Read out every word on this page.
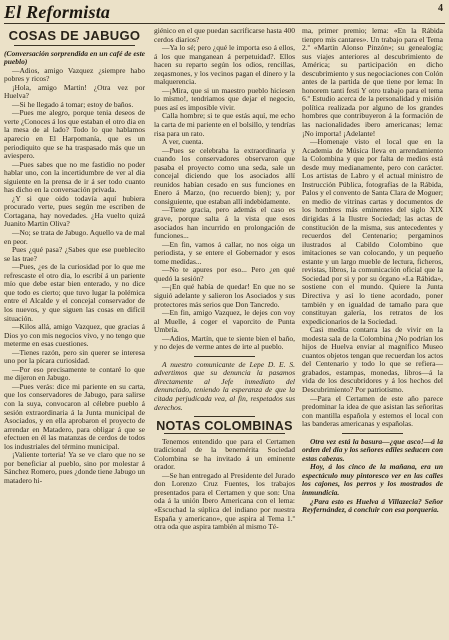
El Reformista	4
COSAS DE JABUGO

(Conversación sorprendida en un café de este pueblo)

—Adios, amigo Vazquez ¿siempre habo pobres y ricos?

¡Hola, amigo Martin! ¿Otra vez por Huelva?

—Si he llegado á tomar; estoy de baños.

—Pues me alegro, porque tenia deseos de verte ¿Conoces á los que estaban el otro dia en la mesa de al lado? Todo lo que hablamos aparecio en El Harpomanía, que es un periodiquito que se ha traspasado más que un aviespero.

—Pues sabes que no me fastidio no poder hablar uno, con la incertidumbre de ver al dia siguiente en la prensa de ir á ser todo cuanto has dicho en la conversación privada.

¿Y si que oido todavía aquí hubiera procurado verte, pues según me escriben de Cortagana, hay novedades. ¿Ha vuelto quizá Juanito Martin Oliva?

—No; se trata de Jabugo. Aquello va de mal en peor.

Pues ¿qué pasa? ¿Sabes que ese pueblecito se las trae?

—Pues, ¿es de la curiosidad por lo que me refrescaste el otro dia, lo escribí á un pariente mío que debe estar bien enterado, y no dice que todo es cierto; que tuvo lugar la polémica entre el Alcalde y el concejal conservador de los nuevos, y que siguen las cosas en difícil situación.

—Kilos allá, amigo Vazquez, que gracias á Dios yo con mis negocios vivo, y no tengo que meterme en esas cuestiones.

—Tienes razón, pero sin querer se interesa uno por la pícara curiosidad.

—Por eso precisamente te contaré lo que me dijeron en Jabugo.

—Pues verás: dice mi pariente en su carta, que los conservadores de Jabugo, para salirse con la suya, convocaron al célebre pueblo á sesión extraordinaria á la Junta municipal de Asociados, y en ella aprobaron el proyecto de arrendar en Matadero, para obligar á que se efectuen en él las matanzas de cerdos de todos los industriales del término municipal.

¡Valiente torteria! Ya se ve claro que no se por beneficiar al pueblo, sino por molestar á Sánchez Romero, pues ¿donde tiene Jabugo un matadero hi-

giénico en el que puedan sacrificarse hasta 400 cerdos diarios?

—Ya lo sé; pero ¿qué le importa eso á ellos, á los que manganean á perpetuidad?. Ellos hacen su reparto según los odios, rencillas, zeqasmones, y los vecinos pagan el dinero y la malquerencia.

—¡Mira, que si un maestro pueblo hiciesen lo mismo!, tendriamos que dejar el negocio, pues así es imposible vivir.

Calla hombre; si te que estás aquí, me echo la carta de mi pariente en el bolsillo, y tendrías risa para un rato.

A ver, cuenta.

—Pues se celebraba la extraordinaria y cuando los conservadores observaron que pasaba el proyecto como una seda, sale un concejal diciendo que los asociados allí reunidos habían cesado en sus funciones en Enero á Marzo, (no recuerdo bien); y, por consiguiente, que estaban allí indebidamente.

—Tiene gracia, pero además el caso es grave, porque salta á la vista que esos asociados han incurrido en prolongación de funciones...

—En fin, vamos á callar, no nos oiga un periodista, y se entere el Gobernador y esos tome medidas...

—No te apures por eso... Pero ¿en qué quedó la sesión?

—¡En qué había de quedar! En que no se siguió adelante y salieron los Asociados y sus protectores más serios que Don Tancredo.

—En fin, amigo Vazquez, le dejes con voy al Muelle, á coger el vaporcito de Punta Umbría.

—Adios, Martín, que te siente bien el baño, y no dejes de verme antes de irte al pueblo.

A nuestro comunicante de Lepe D. E. S. advertimos que su denuncia la pasamos directamente al Jefe inmediato del denunciado, teniendo la esperanza de que la citada perjudicada vea, al fin, respetados sus derechos.

NOTAS COLOMBINAS

Tenemos entendido que para el Certamen tradicional de la benemérita Sociedad Colombina se ha invitado á un eminente orador.

—Se han entregado al Presidente del Jurado don Lorenzo Cruz Fuentes, los trabajos presentados para el Certamen y que son: Una oda á la unión Ibero Americana con el lema: «Escuchad la súplica del indiano por nuestra España y americano», que aspira al Tema 1.º otra oda que aspira también al mismo Té-

ma, primer premio; lema: «En la Rábida tienpro mis cantares». Un trabajo para el Tema 2.º «Martín Alonso Pinzón»; su genealogía; sus viajes anteriores al descubrimiento de América; su participación en dicho descubrimiento y sus negociaciones con Colón antes de la partida de que tiene por lema: In honorem tanti festi Y otro trabajo para el tema 6.º Estudio acerca de la personalidad y misión política realizada por alguno de los grandes hombres que contribuyeron á la formación de las nacionalidades ibero americanas; lema: ¡No importa! ¡Adelante!

—Homenaje visto el local que en la Academia de Música lleva en arrendamiento la Colombina y que por falta de medios está desde muy medianamente, pero con carácter. Los artistas de Labro y el actual ministro de Instrucción Pública, fotografías de la Rábida, Palos y el convento de Santa Clara de Moguer; en medio de vitrinas cartas y documentos de los hombres más eminentes del siglo XIX dirigidas á la Ilustre Sociedad; las actas de constitución de la misma, sus antecedentes y recuerdos del Centenario; pergaminos ilustrados al Cabildo Colombino que imitaciones se van colocando, y un pequeño estante y un largo mueble de lectura, ficheros, revistas, libros, la comunicación oficial que la Sociedad por si y por su órgano «La Rábida», sostiene con el mundo. Quiere la Junta Directiva y así lo tiene acordado, poner también y en igualdad de tamaño para que constituyan galería, los retratos de los expedicionarios de la Sociedad.

Casi medita contarra las de vivir en la modesta sala de la Colombina ¿No podrían los hijos de Huelva enviar al magnífico Museo cuantos objetos tengan que recuerdan los actos del Centenario y todo lo que se refiera—grabados, estampas, monedas, libros—á la vida de los descubridores y á los hechos del Descubrimiento? Por patriotismo.

—Para el Certamen de este año parece predominar la idea de que asistan las señoritas con mantilla española y estemos el local con las banderas americanas y españolas.

Otra vez está la basura—¿que asco!—á la orden del dia y los señores ediles seducen con estas cabezas.

Hoy, á los cinco de la mañana, era un espectáculo muy pintoresco ver en las calles los cajones, los perros y los mostrados de inmundicia.

¿Para esto es Huelva á Villazecia? Señor Reyfernández, á concluir con esa porquería.
